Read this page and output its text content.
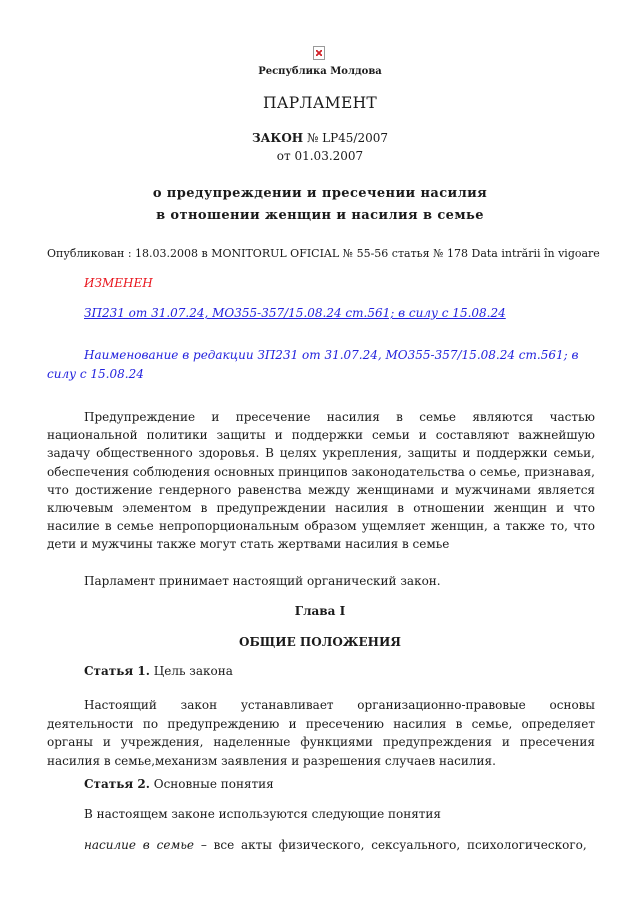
Республика Молдова
ПАРЛАМЕНТ
ЗАКОН № LP45/2007
от 01.03.2007
о предупреждении и пресечении насилия
в отношении женщин и насилия в семье
Опубликован : 18.03.2008 в MONITORUL OFICIAL № 55-56 статья № 178 Data intrării în vigoare
ИЗМЕНЕН
ЗП231 от 31.07.24, MO355-357/15.08.24 ст.561; в силу с 15.08.24
Наименование в редакции ЗП231 от 31.07.24, MO355-357/15.08.24 ст.561; в силу с 15.08.24
Предупреждение и пресечение насилия в семье являются частью национальной политики защиты и поддержки семьи и составляют важнейшую задачу общественного здоровья. В целях укрепления, защиты и поддержки семьи, обеспечения соблюдения основных принципов законодательства о семье, признавая, что достижение гендерного равенства между женщинами и мужчинами является ключевым элементом в предупреждении насилия в отношении женщин и что насилие в семье непропорциональным образом ущемляет женщин, а также то, что дети и мужчины также могут стать жертвами насилия в семье
Парламент принимает настоящий органический закон.
Глава I
ОБЩИЕ ПОЛОЖЕНИЯ
Статья 1. Цель закона
Настоящий закон устанавливает организационно-правовые основы деятельности по предупреждению и пресечению насилия в семье, определяет органы и учреждения, наделенные функциями предупреждения и пресечения насилия в семье,механизм заявления и разрешения случаев насилия.
Статья 2. Основные понятия
В настоящем законе используются следующие понятия
насилие в семье – все акты физического, сексуального, психологического,
